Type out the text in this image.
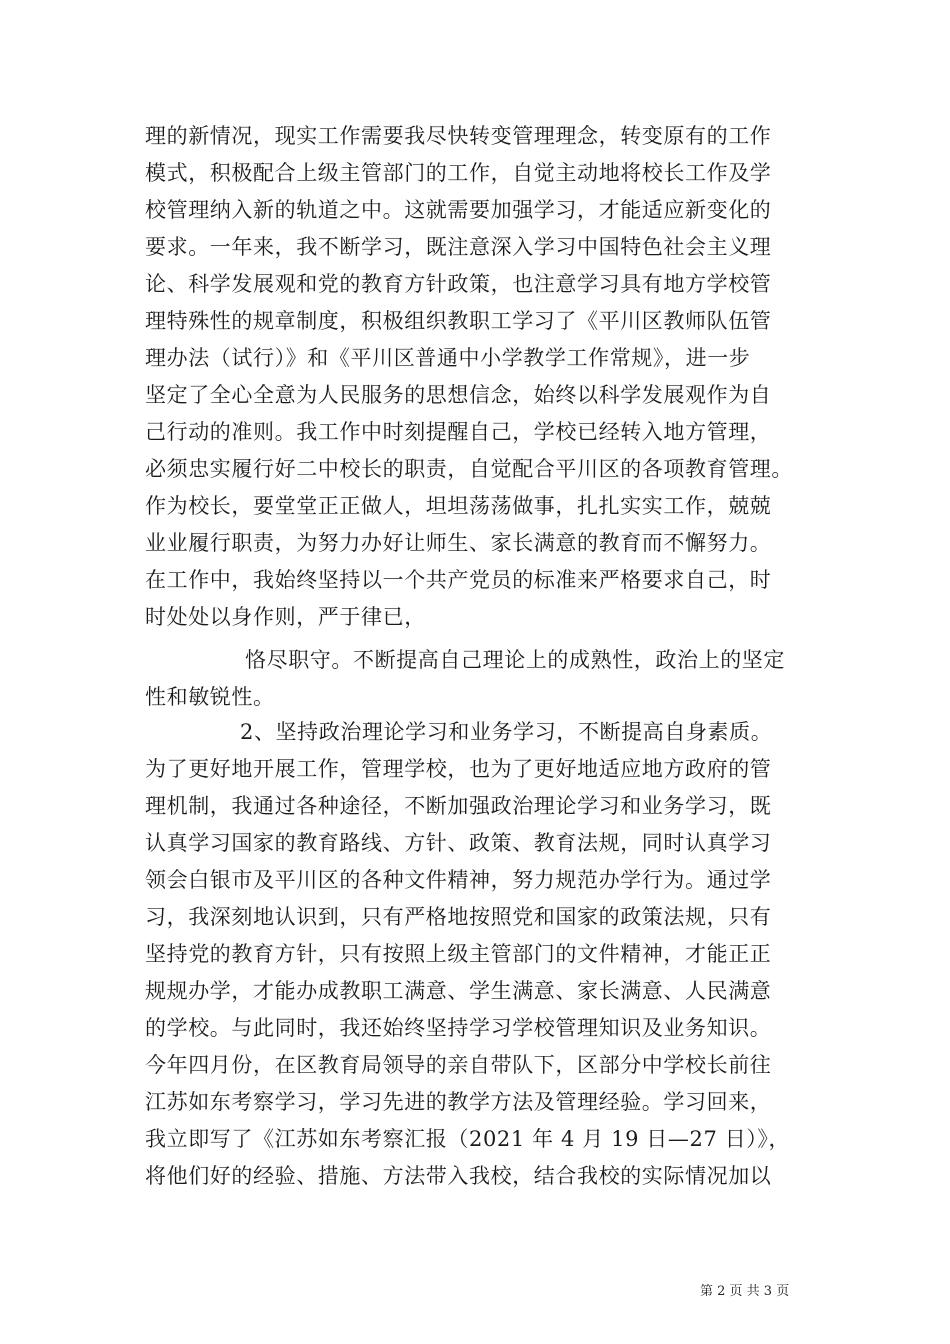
理的新情况，现实工作需要我尽快转变管理理念，转变原有的工作
模式，积极配合上级主管部门的工作，自觉主动地将校长工作及学
校管理纳入新的轨道之中。这就需要加强学习，才能适应新变化的
要求。一年来，我不断学习，既注意深入学习中国特色社会主义理
论、科学发展观和党的教育方针政策，也注意学习具有地方学校管
理特殊性的规章制度，积极组织教职工学习了《平川区教师队伍管
理办法（试行）》和《平川区普通中小学教学工作常规》，进一步
坚定了全心全意为人民服务的思想信念，始终以科学发展观作为自
己行动的准则。我工作中时刻提醒自己，学校已经转入地方管理，
必须忠实履行好二中校长的职责，自觉配合平川区的各项教育管理。
作为校长，要堂堂正正做人，坦坦荡荡做事，扎扎实实工作，兢兢
业业履行职责，为努力办好让师生、家长满意的教育而不懈努力。
在工作中，我始终坚持以一个共产党员的标准来严格要求自己，时
时处处以身作则，严于律已，
恪尽职守。不断提高自己理论上的成熟性，政治上的坚定
性和敏锐性。
2、坚持政治理论学习和业务学习，不断提高自身素质。
为了更好地开展工作，管理学校，也为了更好地适应地方政府的管
理机制，我通过各种途径，不断加强政治理论学习和业务学习，既
认真学习国家的教育路线、方针、政策、教育法规，同时认真学习
领会白银市及平川区的各种文件精神，努力规范办学行为。通过学
习，我深刻地认识到，只有严格地按照党和国家的政策法规，只有
坚持党的教育方针，只有按照上级主管部门的文件精神，才能正正
规规办学，才能办成教职工满意、学生满意、家长满意、人民满意
的学校。与此同时，我还始终坚持学习学校管理知识及业务知识。
今年四月份，在区教育局领导的亲自带队下，区部分中学校长前往
江苏如东考察学习，学习先进的教学方法及管理经验。学习回来，
我立即写了《江苏如东考察汇报（2021 年 4 月 19 日—27 日）》，
将他们好的经验、措施、方法带入我校，结合我校的实际情况加以
第 2 页 共 3 页
